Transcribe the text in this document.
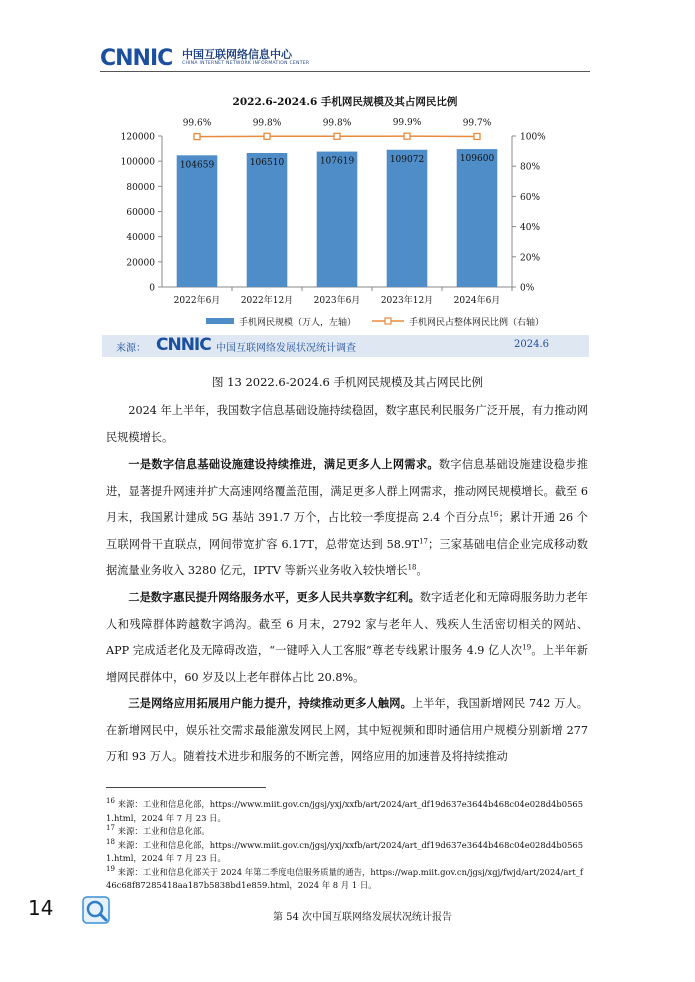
CNNIC 中国互联网络信息中心
CHINA INTERNET NETWORK INFORMATION CENTER
2022.6-2024.6 手机网民规模及其占网民比例
0
20000
40000
60000
80000
100000
120000
0%
20%
40%
60%
80%
100%
104659
2022年6月
106510
2022年12月
107619
2023年6月
109072
2023年12月
109600
2024年6月
99.6%	99.8%	99.8%	99.9%	99.7%
手机网民规模（万人，左轴）	手机网民占整体网民比例（右轴）
来源： CNNIC 中国互联网络发展状况统计调查	2024.6
图 13 2022.6-2024.6 手机网民规模及其占网民比例
2024 年上半年，我国数字信息基础设施持续稳固，数字惠民利民服务广泛开展，有力推动网民规模增长。
一是数字信息基础设施建设持续推进，满足更多人上网需求。数字信息基础设施建设稳步推进，显著提升网速并扩大高速网络覆盖范围，满足更多人群上网需求，推动网民规模增长。截至 6 月末，我国累计建成 5G 基站 391.7 万个，占比较一季度提高 2.4 个百分点$^{16}$；累计开通 26 个互联网骨干直联点，网间带宽扩容 6.17T，总带宽达到 $58.9T^{17}$；三家基础电信企业完成移动数据流量业务收入 3280 亿元，IPTV 等新兴业务收入较快增长$^{18}$。
二是数字惠民提升网络服务水平，更多人民共享数字红利。数字适老化和无障碍服务助力老年人和残障群体跨越数字鸿沟。截至 6 月末，2792 家与老年人、残疾人生活密切相关的网站、APP 完成适老化及无障碍改造，“一键呼入人工客服”尊老专线累计服务 4.9 亿人次$^{19}$。上半年新增网民群体中，60 岁及以上老年群体占比 20.8%。
三是网络应用拓展用户能力提升，持续推动更多人触网。上半年，我国新增网民 742 万人。在新增网民中，娱乐社交需求最能激发网民上网，其中短视频和即时通信用户规模分别新增 277 万和 93 万人。随着技术进步和服务的不断完善，网络应用的加速普及将持续推动
$^{16}$ 来源：工业和信息化部，https://www.miit.gov.cn/jgsj/yxj/xxfb/art/2024/art_df19d637e3644b468c04e028d4b05651.html，2024 年 7 月 23 日。
$^{17}$ 来源：工业和信息化部。
$^{18}$ 来源：工业和信息化部，https://www.miit.gov.cn/jgsj/yxj/xxfb/art/2024/art_df19d637e3644b468c04e028d4b05651.html，2024 年 7 月 23 日。
$^{19}$ 来源：工业和信息化部关于 2024 年第二季度电信服务质量的通告，https://wap.miit.gov.cn/jgsj/xgj/fwjd/art/2024/art_f46c68f87285418aa187b5838bd1e859.html，2024 年 8 月 1 日。
14	第 54 次中国互联网络发展状况统计报告
